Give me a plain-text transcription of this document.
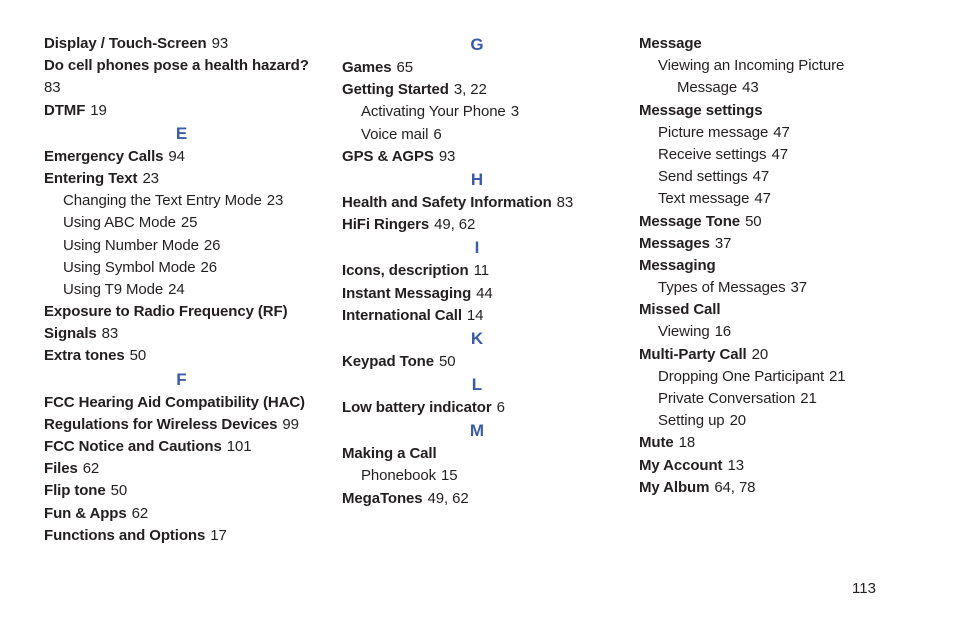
Display / Touch-Screen 93
Do cell phones pose a health hazard?
83
DTMF 19
E
Emergency Calls 94
Entering Text 23
Changing the Text Entry Mode 23
Using ABC Mode 25
Using Number Mode 26
Using Symbol Mode 26
Using T9 Mode 24
Exposure to Radio Frequency (RF)
Signals 83
Extra tones 50
F
FCC Hearing Aid Compatibility (HAC)
Regulations for Wireless Devices 99
FCC Notice and Cautions 101
Files 62
Flip tone 50
Fun & Apps 62
Functions and Options 17
G
Games 65
Getting Started 3, 22
Activating Your Phone 3
Voice mail 6
GPS & AGPS 93
H
Health and Safety Information 83
HiFi Ringers 49, 62
I
Icons, description 11
Instant Messaging 44
International Call 14
K
Keypad Tone 50
L
Low battery indicator 6
M
Making a Call
Phonebook 15
MegaTones 49, 62
Message
Viewing an Incoming Picture
Message 43
Message settings
Picture message 47
Receive settings 47
Send settings 47
Text message 47
Message Tone 50
Messages 37
Messaging
Types of Messages 37
Missed Call
Viewing 16
Multi-Party Call 20
Dropping One Participant 21
Private Conversation 21
Setting up 20
Mute 18
My Account 13
My Album 64, 78
113
